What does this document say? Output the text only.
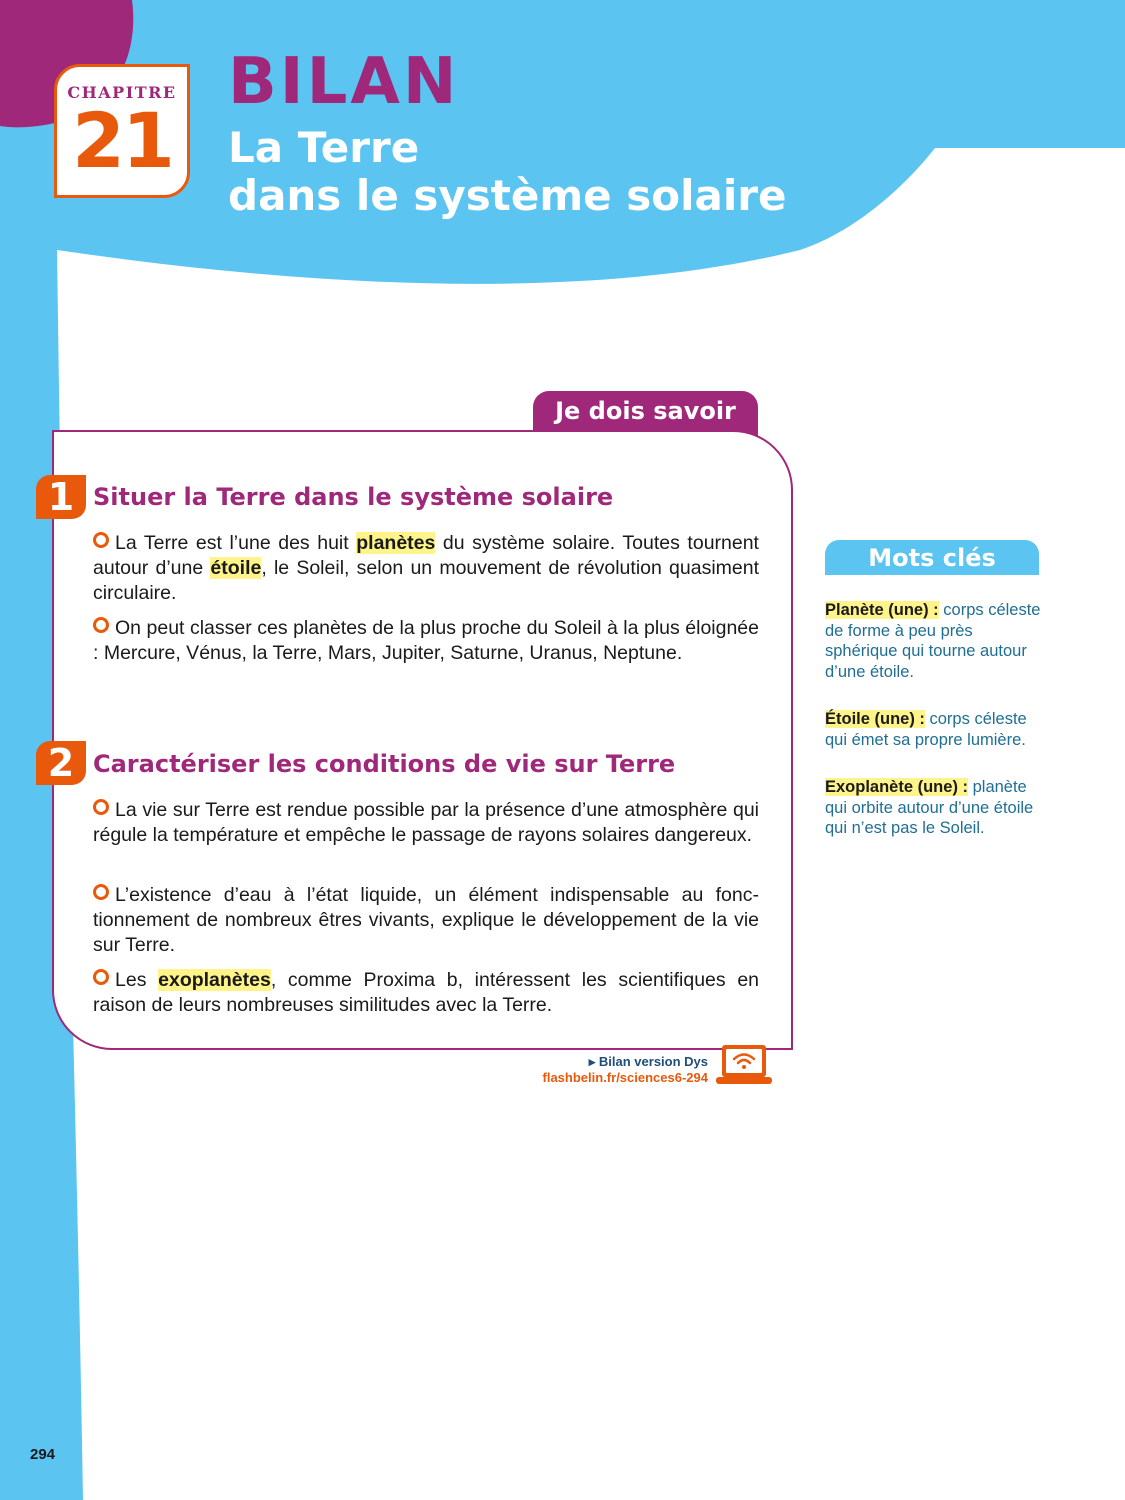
CHAPITRE
21
BILAN
La Terre
dans le système solaire
Je dois savoir
1 Situer la Terre dans le système solaire

La Terre est l’une des huit planètes du système solaire. Toutes tournent autour d’une étoile, le Soleil, selon un mouvement de révolution quasiment circulaire.

On peut classer ces planètes de la plus proche du Soleil à la plus éloignée : Mercure, Vénus, la Terre, Mars, Jupiter, Saturne, Uranus, Neptune.

2 Caractériser les conditions de vie sur Terre

La vie sur Terre est rendue possible par la présence d’une atmosphère qui régule la température et empêche le passage de rayons solaires dangereux.

L’existence d’eau à l’état liquide, un élément indispensable au fonc-tionnement de nombreux êtres vivants, explique le développement de la vie sur Terre.

Les exoplanètes, comme Proxima b, intéressent les scientifiques en raison de leurs nombreuses similitudes avec la Terre.

▸ Bilan version Dys
flashbelin.fr/sciences6-294
Mots clés

Planète (une) : corps céleste de forme à peu près sphérique qui tourne autour d’une étoile.

Étoile (une) : corps céleste qui émet sa propre lumière.

Exoplanète (une) : planète qui orbite autour d’une étoile qui n’est pas le Soleil.

294
